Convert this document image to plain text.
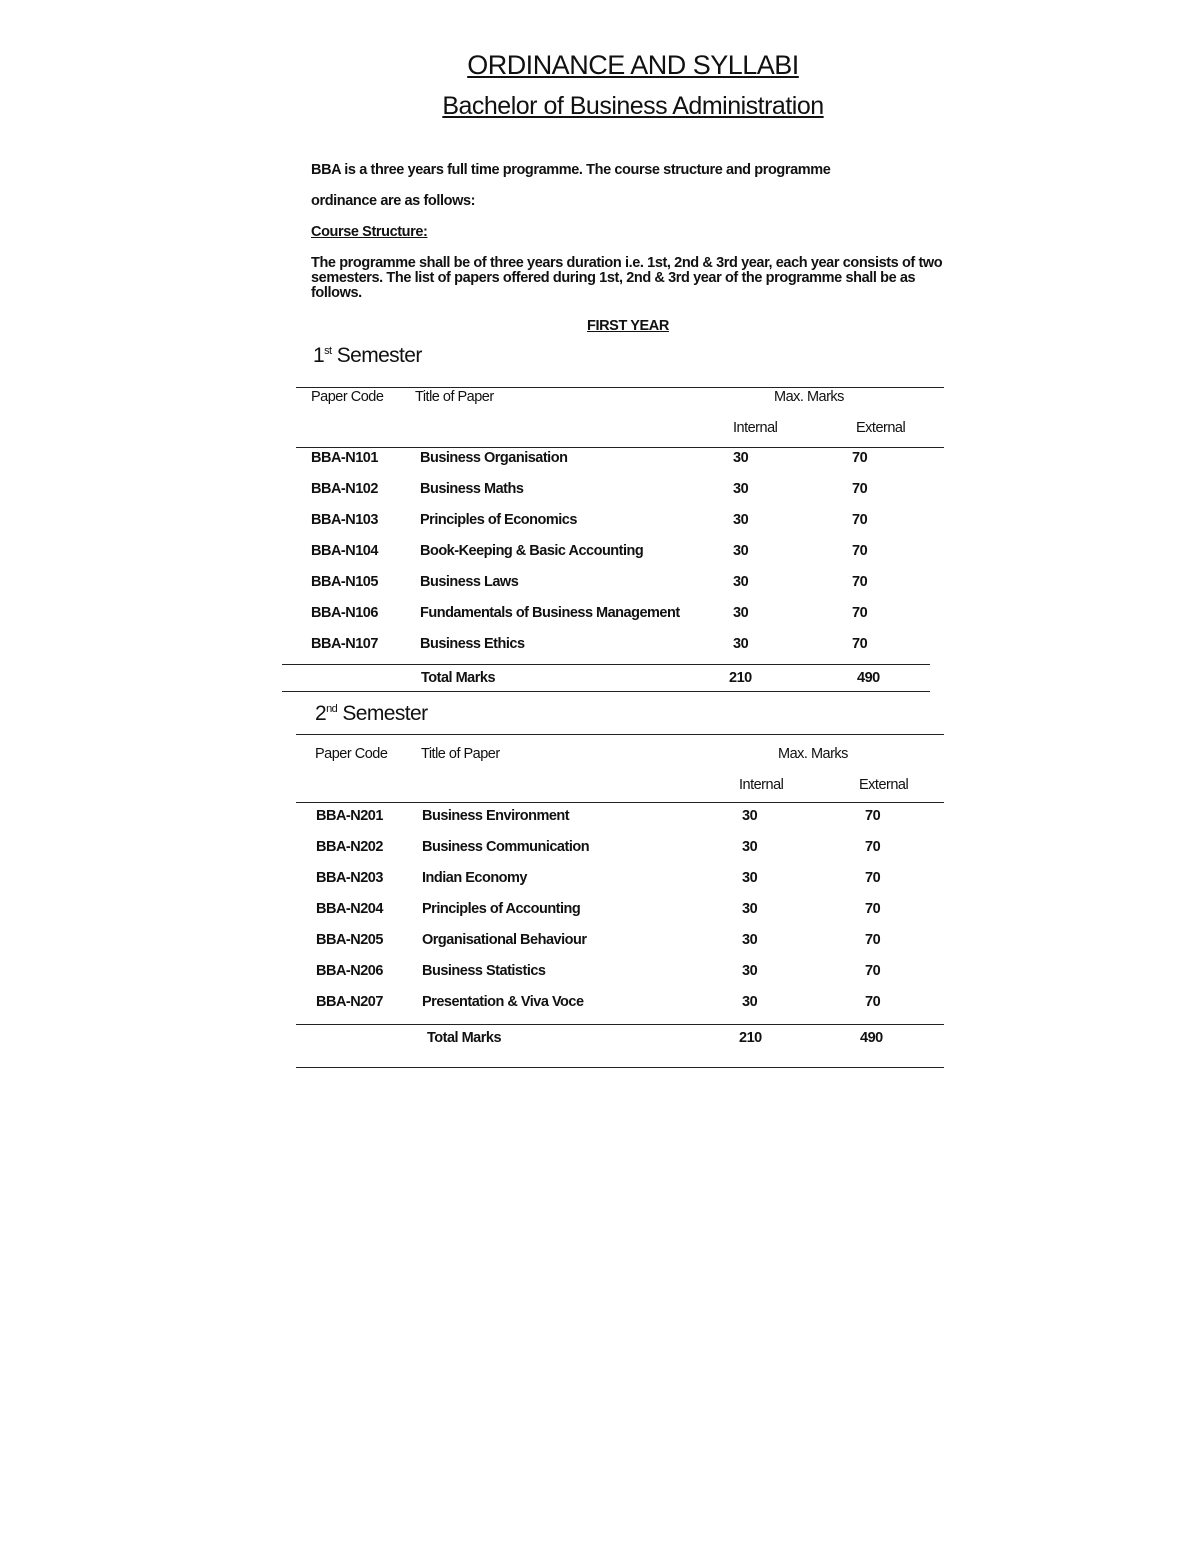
ORDINANCE AND SYLLABI
Bachelor of Business Administration
BBA is a three years full time programme. The course structure and programme
ordinance are as follows:
Course Structure:
The programme shall be of three years duration i.e. 1st, 2nd & 3rd year, each year consists of two semesters. The list of papers offered during 1st, 2nd & 3rd year of the programme shall be as follows.
FIRST YEAR
1st Semester
Paper Code Title of Paper	Max. Marks
Internal	External
BBA-N101	Business Organisation	30	70
BBA-N102	Business Maths	30	70
BBA-N103	Principles of Economics	30	70
BBA-N104	Book-Keeping & Basic Accounting	30	70
BBA-N105	Business Laws	30	70
BBA-N106	Fundamentals of Business Management	30	70
BBA-N107	Business Ethics	30	70
Total Marks	210	490
2nd Semester
Paper Code Title of Paper	Max. Marks
Internal	External
BBA-N201	Business Environment	30	70
BBA-N202	Business Communication	30	70
BBA-N203	Indian Economy	30	70
BBA-N204	Principles of Accounting	30	70
BBA-N205	Organisational Behaviour	30	70
BBA-N206	Business Statistics	30	70
BBA-N207	Presentation & Viva Voce	30	70
Total Marks	210	490
